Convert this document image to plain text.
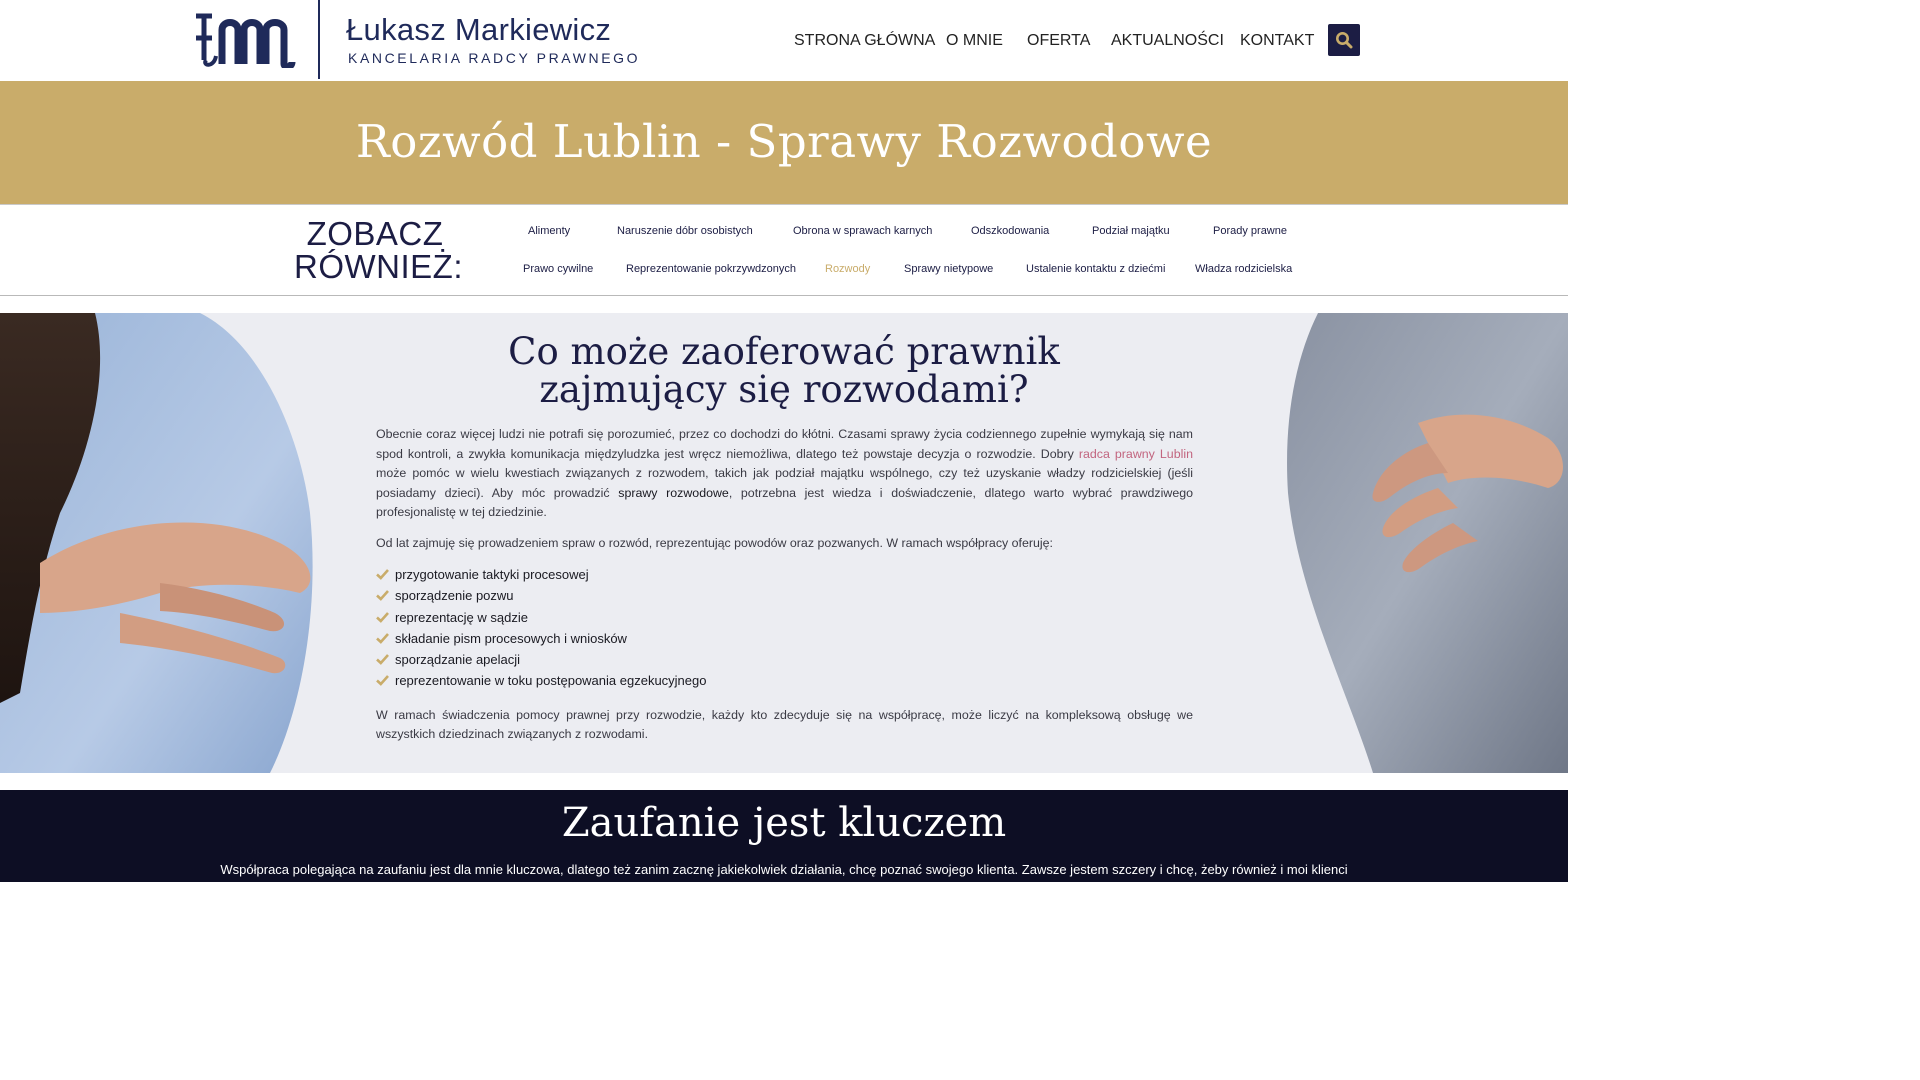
Łukasz Markiewicz
KANCELARIA RADCY PRAWNEGO
STRONA GŁÓWNA O MNIE OFERTA AKTUALNOŚCI KONTAKT
Rozwód Lublin - Sprawy Rozwodowe
ZOBACZ RÓWNIEŻ:
Alimenty	Naruszenie dóbr osobistych	Obrona w sprawach karnych	Odszkodowania	Podział majątku	Porady prawne
Prawo cywilne	Reprezentowanie pokrzywdzonych	Rozwody	Sprawy nietypowe	Ustalenie kontaktu z dziećmi	Władza rodzicielska
Co może zaoferować prawnik
zajmujący się rozwodami?

Obecnie coraz więcej ludzi nie potrafi się porozumieć, przez co dochodzi do kłótni. Czasami sprawy życia codziennego zupełnie wymykają się nam spod kontroli, a zwykła komunikacja międzyludzka jest wręcz niemożliwa, dlatego też powstaje decyzja o rozwodzie. Dobry radca prawny Lublin może pomóc w wielu kwestiach związanych z rozwodem, takich jak podział majątku wspólnego, czy też uzyskanie władzy rodzicielskiej (jeśli posiadamy dzieci). Aby móc prowadzić sprawy rozwodowe, potrzebna jest wiedza i doświadczenie, dlatego warto wybrać prawdziwego profesjonalistę w tej dziedzinie.

Od lat zajmuję się prowadzeniem spraw o rozwód, reprezentując powodów oraz pozwanych. W ramach współpracy oferuję:

przygotowanie taktyki procesowej
sporządzenie pozwu
reprezentację w sądzie
składanie pism procesowych i wniosków
sporządzanie apelacji
reprezentowanie w toku postępowania egzekucyjnego

W ramach świadczenia pomocy prawnej przy rozwodzie, każdy kto zdecyduje się na współpracę, może liczyć na kompleksową obsługę we wszystkich dziedzinach związanych z rozwodami.

Zaufanie jest kluczem

Współpraca polegająca na zaufaniu jest dla mnie kluczowa, dlatego też zanim zacznę jakiekolwiek działania, chcę poznać swojego klienta. Zawsze jestem szczery i chcę, żeby również i moi klienci
